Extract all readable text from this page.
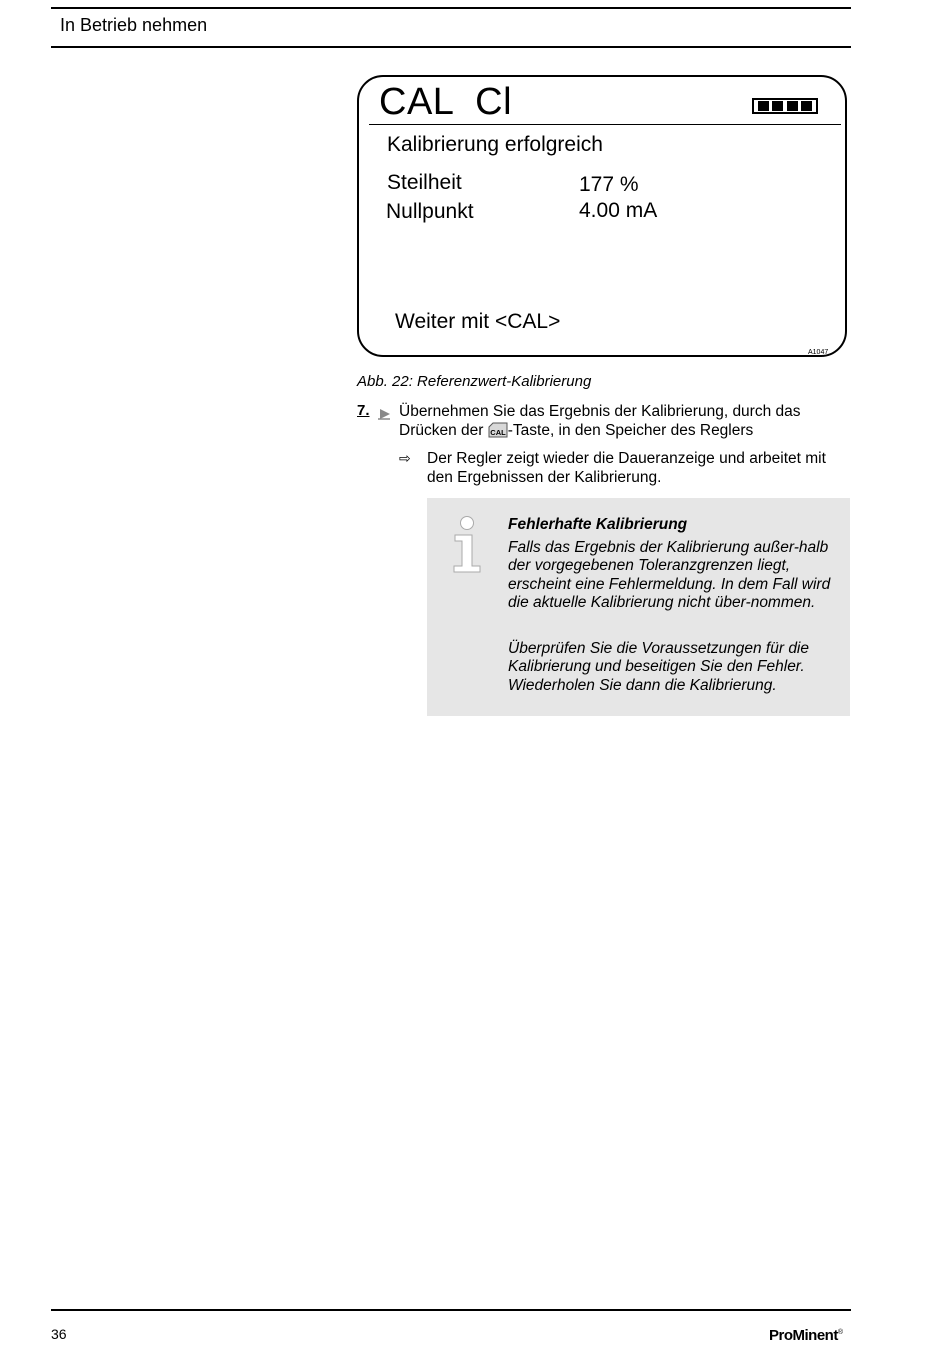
In Betrieb nehmen
CAL  Cl
Kalibrierung erfolgreich
Steilheit	177 %
Nullpunkt	4.00 mA
Weiter mit <CAL>
A1047
Abb. 22: Referenzwert-Kalibrierung
7. Übernehmen Sie das Ergebnis der Kalibrierung, durch das Drücken der CAL -Taste, in den Speicher des Reglers
⇨ Der Regler zeigt wieder die Daueranzeige und arbeitet mit den Ergebnissen der Kalibrierung.
Fehlerhafte Kalibrierung

Falls das Ergebnis der Kalibrierung außer-halb der vorgegebenen Toleranzgrenzen liegt, erscheint eine Fehlermeldung. In dem Fall wird die aktuelle Kalibrierung nicht über-nommen.

Überprüfen Sie die Voraussetzungen für die Kalibrierung und beseitigen Sie den Fehler. Wiederholen Sie dann die Kalibrierung.

36	ProMinent®
